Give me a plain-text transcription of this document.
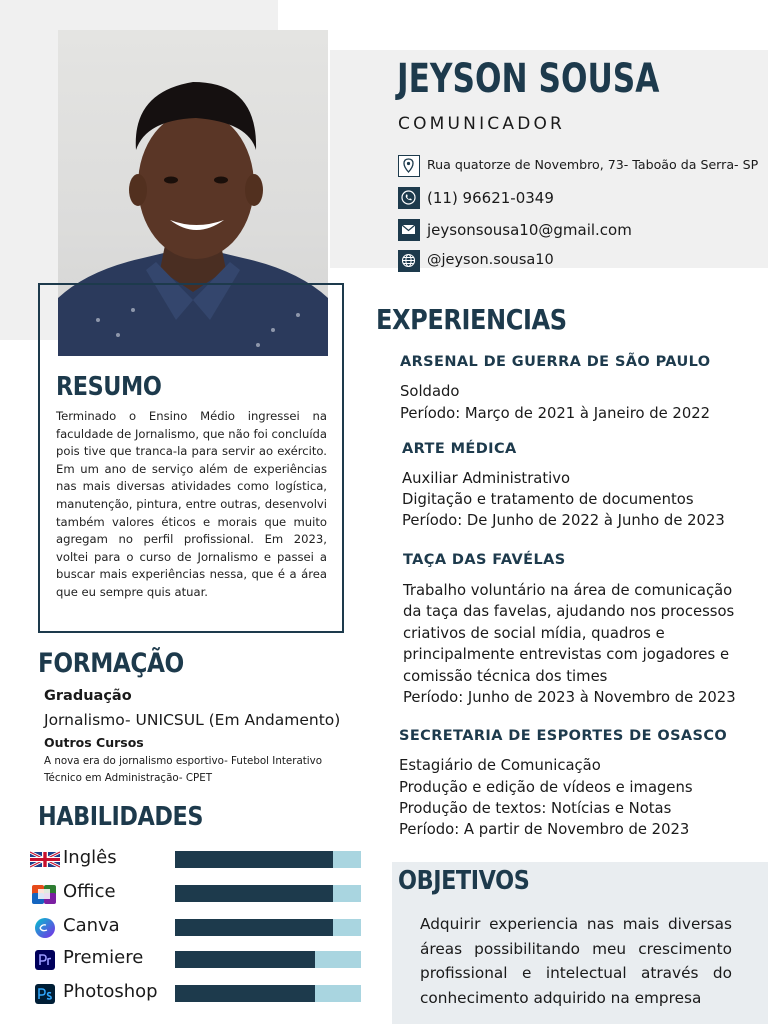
RESUMO
Terminado o Ensino Médio ingressei na faculdade de Jornalismo, que não foi concluída pois tive que tranca-la para servir ao exército. Em um ano de serviço além de experiências nas mais diversas atividades como logística, manutenção, pintura, entre outras, desenvolvi também valores éticos e morais que muito agregam no perfil profissional. Em 2023, voltei para o curso de Jornalismo e passei a buscar mais experiências nessa, que é a área que eu sempre quis atuar.
FORMAÇÃO
Graduação
Jornalismo- UNICSUL (Em Andamento)
Outros Cursos
A nova era do jornalismo esportivo- Futebol Interativo
Técnico em Administração- CPET
HABILIDADES
Inglês
Office
Canva
Premiere
Photoshop
JEYSON SOUSA
COMUNICADOR
Rua quatorze de Novembro, 73- Taboão da Serra- SP
(11) 96621-0349
jeysonsousa10@gmail.com
@jeyson.sousa10
EXPERIENCIAS
ARSENAL DE GUERRA DE SÃO PAULO
Soldado
Período: Março de 2021 à Janeiro de 2022
ARTE MÉDICA
Auxiliar Administrativo
Digitação e tratamento de documentos
Período: De Junho de 2022 à Junho de 2023
TAÇA DAS FAVÉLAS
Trabalho voluntário na área de comunicação
da taça das favelas, ajudando nos processos
criativos de social mídia, quadros e
principalmente entrevistas com jogadores e
comissão técnica dos times
Período: Junho de 2023 à Novembro de 2023
SECRETARIA DE ESPORTES DE OSASCO
Estagiário de Comunicação
Produção e edição de vídeos e imagens
Produção de textos: Notícias e Notas
Período: A partir de Novembro de 2023
OBJETIVOS
Adquirir experiencia nas mais diversas áreas possibilitando meu crescimento profissional e intelectual através do conhecimento adquirido na empresa
